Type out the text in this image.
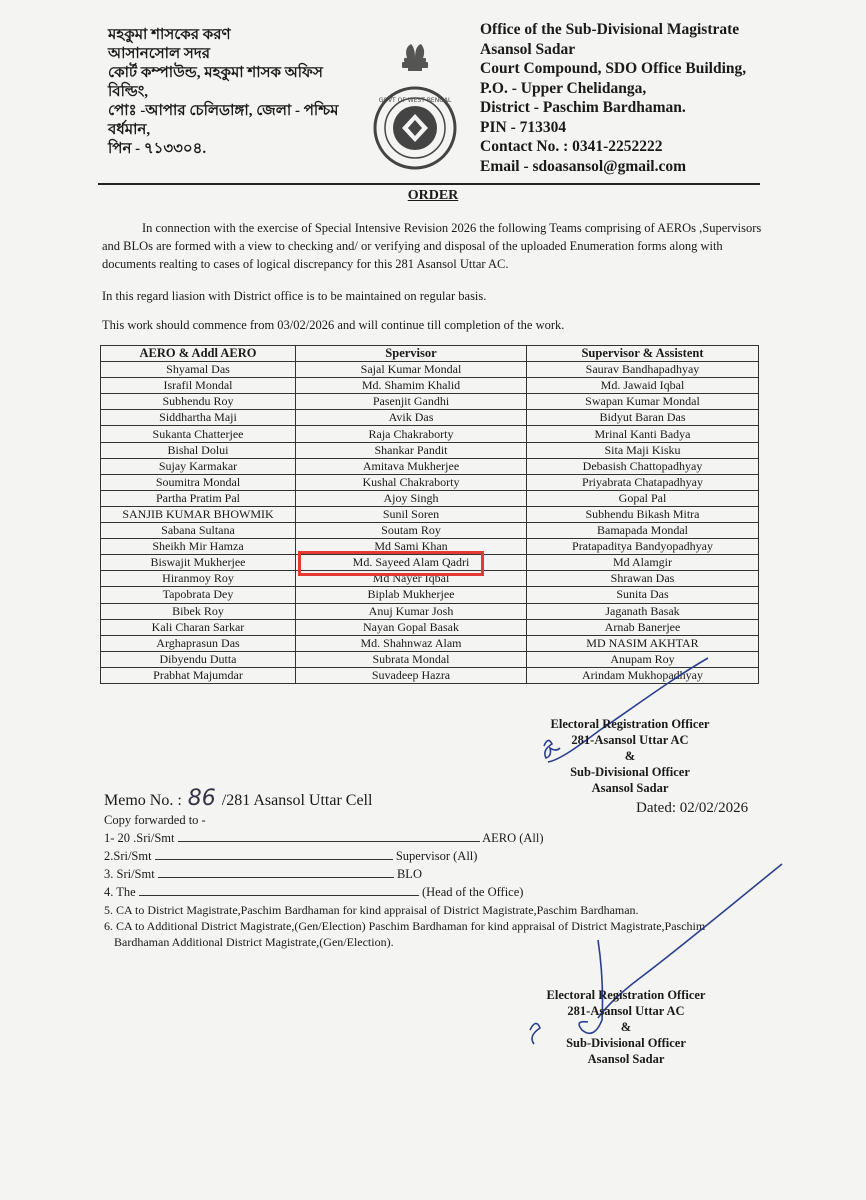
মহকুমা শাসকের করণ
আসানসোল সদর
কোর্ট কম্পাউন্ড, মহকুমা শাসক অফিস
বিল্ডিং,
পোঃ -আপার চেলিডাঙ্গা, জেলা - পশ্চিম
বর্ধমান,
পিন - ৭১৩৩০৪.
GOVT OF WEST BENGAL
Office of the Sub-Divisional Magistrate
Asansol Sadar
Court Compound, SDO Office Building,
P.O. - Upper Chelidanga,
District - Paschim Bardhaman.
PIN - 713304
Contact No. : 0341-2252222
Email - sdoasansol@gmail.com
ORDER
In connection with the exercise of Special Intensive Revision 2026 the following Teams comprising of AEROs ,Supervisors and BLOs are formed with a view to checking and/ or verifying and disposal of the uploaded Enumeration forms along with documents realting to cases of logical discrepancy for this 281 Asansol Uttar AC.
In this regard liasion with District office is to be maintained on regular basis.
This work should commence from 03/02/2026 and will continue till completion of the work.
AERO & Addl AERO	Spervisor	Supervisor & Assistent
Shyamal Das	Sajal Kumar Mondal	Saurav Bandhapadhyay
Israfil Mondal	Md. Shamim Khalid	Md. Jawaid Iqbal
Subhendu Roy	Pasenjit Gandhi	Swapan Kumar Mondal
Siddhartha Maji	Avik Das	Bidyut Baran Das
Sukanta Chatterjee	Raja Chakraborty	Mrinal Kanti Badya
Bishal Dolui	Shankar Pandit	Sita Maji Kisku
Sujay Karmakar	Amitava Mukherjee	Debasish Chattopadhyay
Soumitra Mondal	Kushal Chakraborty	Priyabrata Chatapadhyay
Partha Pratim Pal	Ajoy Singh	Gopal Pal
SANJIB KUMAR BHOWMIK	Sunil Soren	Subhendu Bikash Mitra
Sabana Sultana	Soutam Roy	Bamapada Mondal
Sheikh Mir Hamza	Md Sami Khan	Pratapaditya Bandyopadhyay
Biswajit Mukherjee	Md. Sayeed Alam Qadri	Md Alamgir
Hiranmoy Roy	Md Nayer Iqbal	Shrawan Das
Tapobrata Dey	Biplab Mukherjee	Sunita Das
Bibek Roy	Anuj Kumar Josh	Jaganath Basak
Kali Charan Sarkar	Nayan Gopal Basak	Arnab Banerjee
Arghaprasun Das	Md. Shahnwaz Alam	MD NASIM AKHTAR
Dibyendu Dutta	Subrata Mondal	Anupam Roy
Prabhat Majumdar	Suvadeep Hazra	Arindam Mukhopadhyay
Electoral Registration Officer
281-Asansol Uttar AC
&
Sub-Divisional Officer
Asansol Sadar
Memo No. : 86 /281 Asansol Uttar Cell	Dated: 02/02/2026
Copy forwarded to -
1- 20 .Sri/Smt	AERO (All)
2.Sri/Smt	Supervisor (All)
3. Sri/Smt	BLO
4. The	(Head of the Office)
5. CA to District Magistrate,Paschim Bardhaman for kind appraisal of District Magistrate,Paschim Bardhaman.
6. CA to Additional District Magistrate,(Gen/Election) Paschim Bardhaman for kind appraisal of District Magistrate,Paschim
Bardhaman Additional District Magistrate,(Gen/Election).
Electoral Registration Officer
281-Asansol Uttar AC
&
Sub-Divisional Officer
Asansol Sadar
